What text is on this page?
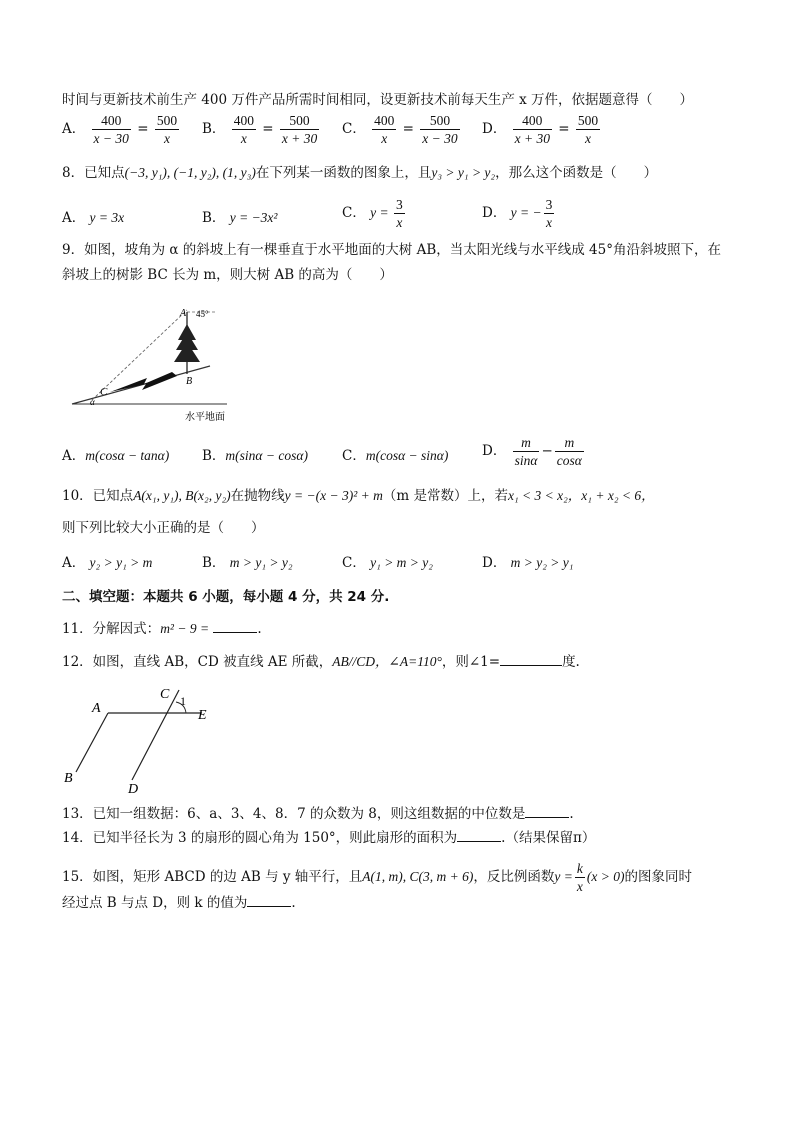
时间与更新技术前生产 400 万件产品所需时间相同，设更新技术前每天生产 x 万件，依据题意得（　　）
A． $\frac{400}{x - 30} = \frac{500}{x}$ B． $\frac{400}{x} = \frac{500}{x + 30}$ C． $\frac{400}{x} = \frac{500}{x - 30}$ D． $\frac{400}{x + 30} = \frac{500}{x}$
8．已知点(−3, y₁), (−1, y₂), (1, y₃)在下列某一函数的图象上，且y₃ > y₁ > y₂，那么这个函数是（　　）
A． y = 3x	B． y = −3x²	C． $y = \frac{3}{x}$	D． y = − $\frac{3}{x}$
9．如图，坡角为 α 的斜坡上有一棵垂直于水平地面的大树 AB，当太阳光线与水平线成 45°角沿斜坡照下，在
斜坡上的树影 BC 长为 m，则大树 AB 的高为（　　）
A 45°
B
C
α
水平地面
A．m(cosα − tanα) B．m(sinα − cosα)	C．m(cosα − sinα) D． $\frac{m}{\sin\alpha} - \frac{m}{\cos\alpha}$
10．已知点A(x₁, y₁), B(x₂, y₂)在抛物线y = −(x − 3)² + m（m 是常数）上，若x₁ < 3 < x₂，x₁ + x₂ < 6，
则下列比较大小正确的是（　　）
A． y₂ > y₁ > m	B． m > y₁ > y₂	C． y₁ > m > y₂	D． m > y₂ > y₁
二、填空题：本题共 6 小题，每小题 4 分，共 24 分.
11．分解因式：m² − 9 =	.
12．如图，直线 AB，CD 被直线 AE 所截，AB//CD，∠A=110°，则∠1=	度.
A
B
C
D
E
1
13．已知一组数据：6、a、3、4、8．7 的众数为 8，则这组数据的中位数是	.
14．已知半径长为 3 的扇形的圆心角为 150°，则此扇形的面积为	.（结果保留π）
15．如图，矩形 ABCD 的边 AB 与 y 轴平行，且A(1, m), C(3, m + 6)，反比例函数$y = \frac{k}{x} (x > 0)$的图象同时
经过点 B 与点 D，则 k 的值为	.
